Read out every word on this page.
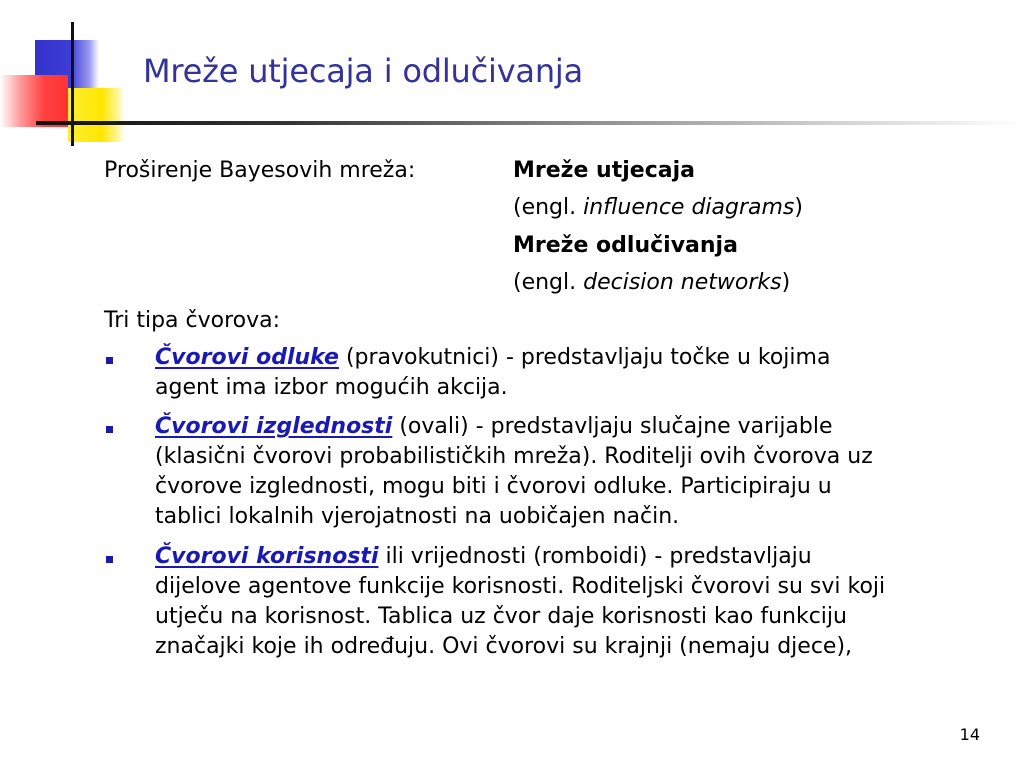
Mreže utjecaja i odlučivanja
Proširenje Bayesovih mreža:	Mreže utjecaja
(engl. influence diagrams)
Mreže odlučivanja
(engl. decision networks)
Tri tipa čvorova:
Čvorovi odluke (pravokutnici) - predstavljaju točke u kojima
agent ima izbor mogućih akcija.
Čvorovi izglednosti (ovali) - predstavljaju slučajne varijable
(klasični čvorovi probabilističkih mreža). Roditelji ovih čvorova uz
čvorove izglednosti, mogu biti i čvorovi odluke. Participiraju u
tablici lokalnih vjerojatnosti na uobičajen način.
Čvorovi korisnosti ili vrijednosti (romboidi) - predstavljaju
dijelove agentove funkcije korisnosti. Roditeljski čvorovi su svi koji
utječu na korisnost. Tablica uz čvor daje korisnosti kao funkciju
značajki koje ih određuju. Ovi čvorovi su krajnji (nemaju djece),
14
